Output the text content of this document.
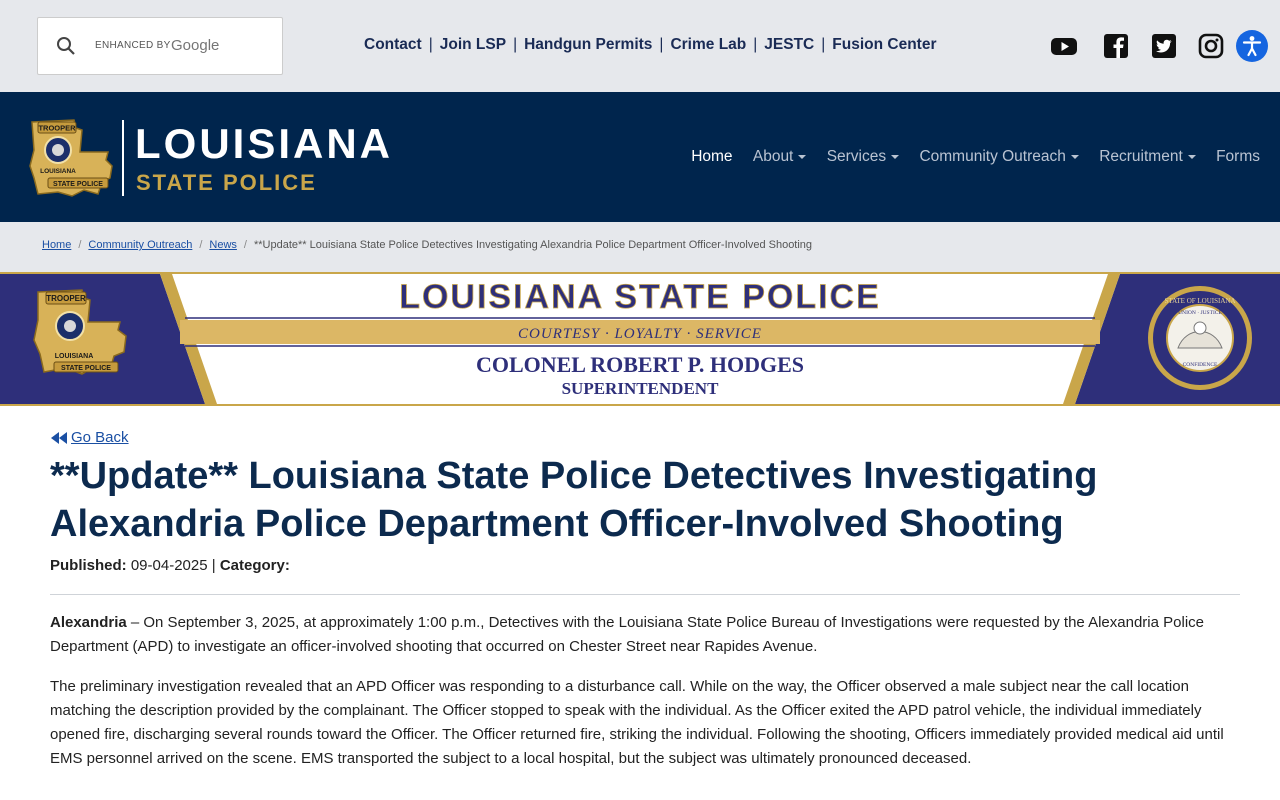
ENHANCED BY Google	Contact | Join LSP | Handgun Permits | Crime Lab | JESTC | Fusion Center
TROOPER
LOUISIANA
STATE POLICE
LOUISIANA
STATE POLICE
Home About Services Community Outreach Recruitment Forms
Home / Community Outreach / News / **Update** Louisiana State Police Detectives Investigating Alexandria Police Department Officer-Involved Shooting
TROOPER
LOUISIANA
STATE POLICE
STATE OF LOUISIANA
UNION · JUSTICE
CONFIDENCE
LOUISIANA STATE POLICE
COURTESY · LOYALTY · SERVICE
COLONEL ROBERT P. HODGES
SUPERINTENDENT
Go Back
**Update** Louisiana State Police Detectives Investigating Alexandria Police Department Officer-Involved Shooting
Published: 09-04-2025 | Category:

Alexandria – On September 3, 2025, at approximately 1:00 p.m., Detectives with the Louisiana State Police Bureau of Investigations were requested by the Alexandria Police Department (APD) to investigate an officer-involved shooting that occurred on Chester Street near Rapides Avenue.

The preliminary investigation revealed that an APD Officer was responding to a disturbance call. While on the way, the Officer observed a male subject near the call location matching the description provided by the complainant. The Officer stopped to speak with the individual. As the Officer exited the APD patrol vehicle, the individual immediately opened fire, discharging several rounds toward the Officer. The Officer returned fire, striking the individual. Following the shooting, Officers immediately provided medical aid until EMS personnel arrived on the scene. EMS transported the subject to a local hospital, but the subject was ultimately pronounced deceased.
